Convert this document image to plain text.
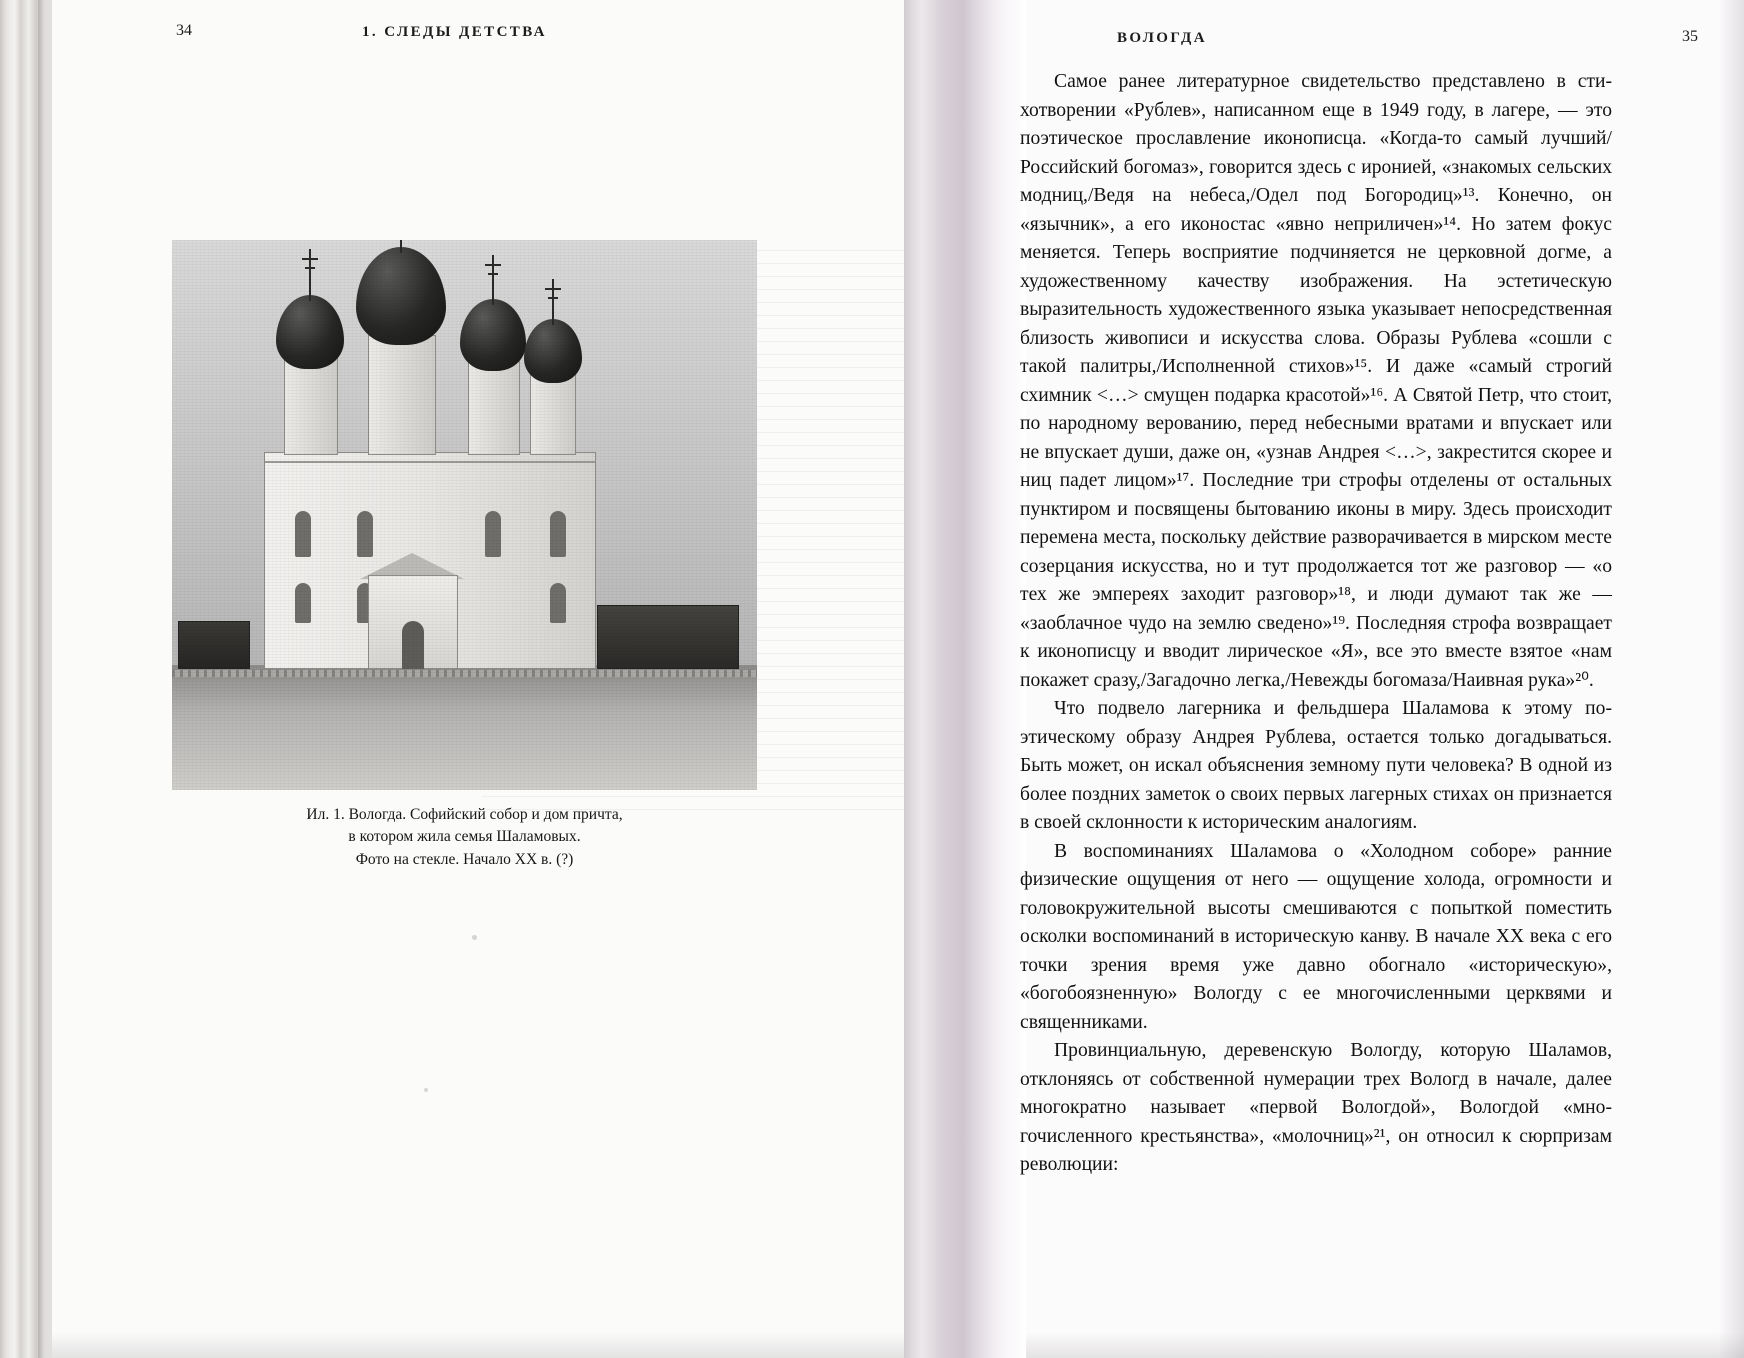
34	1. СЛЕДЫ ДЕТСТВА
Ил. 1. Вологда. Софийский собор и дом причта,
в котором жила семья Шаламовых.
Фото на стекле. Начало XX в. (?)
ВОЛОГДА	35

Самое ранее литературное свидетельство представлено в стихотворении «Рублев», написанном еще в 1949 году, в лагере, — это поэтическое прославление иконописца. «Когда-то самый лучший/Российский богомаз», говорится здесь с иронией, «знакомых сельских модниц,/Ведя на небеса,/Одел под Богородиц»¹³. Конечно, он «язычник», а его иконостас «явно неприличен»¹⁴. Но затем фокус меняется. Теперь восприятие подчиняется не церковной догме, а художественному качеству изображения. На эстетическую выразительность художественного языка указывает непосредственная близость живописи и искусства слова. Образы Рублева «сошли с такой палитры,/Исполненной стихов»¹⁵. И даже «самый строгий схимник <…> смущен подарка красотой»¹⁶. А Святой Петр, что стоит, по народному верованию, перед небесными вратами и впускает или не впускает души, даже он, «узнав Андрея <…>, закрестится скорее и ниц падет лицом»¹⁷. Последние три строфы отделены от остальных пунктиром и посвящены бытованию иконы в миру. Здесь происходит перемена места, поскольку действие разворачивается в мирском месте созерцания искусства, но и тут продолжается тот же разговор — «о тех же эмпереях заходит разговор»¹⁸, и люди думают так же — «заоблачное чудо на землю сведено»¹⁹. Последняя строфа возвращает к иконописцу и вводит лирическое «Я», все это вместе взятое «нам покажет сразу,/Загадочно легка,/Невежды богомаза/Наивная рука»²⁰.

Что подвело лагерника и фельдшера Шаламова к этому поэтическому образу Андрея Рублева, остается только догадываться. Быть может, он искал объяснения земному пути человека? В одной из более поздних заметок о своих первых лагерных стихах он признается в своей склонности к историческим аналогиям.

В воспоминаниях Шаламова о «Холодном соборе» ранние физические ощущения от него — ощущение холода, огромности и головокружительной высоты смешиваются с попыткой поместить осколки воспоминаний в историческую канву. В начале XX века с его точки зрения время уже давно обогнало «историческую», «богобоязненную» Вологду с ее многочисленными церквями и священниками.

Провинциальную, деревенскую Вологду, которую Шаламов, отклоняясь от собственной нумерации трех Вологд в начале, далее многократно называет «первой Вологдой», Вологдой «многочисленного крестьянства», «молочниц»²¹, он относил к сюрпризам революции:
